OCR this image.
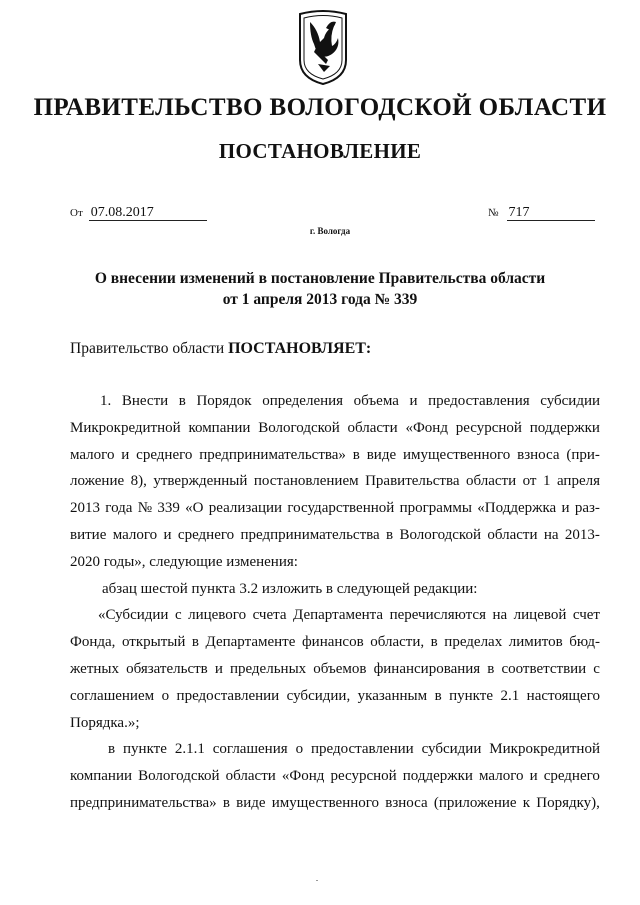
ПРАВИТЕЛЬСТВО ВОЛОГОДСКОЙ ОБЛАСТИ
ПОСТАНОВЛЕНИЕ
От 07.08.2017	№ 717
г. Вологда
О внесении изменений в постановление Правительства области
от 1 апреля 2013 года № 339
Правительство области ПОСТАНОВЛЯЕТ:
1. Внести в Порядок определения объема и предоставления субсидии
Микрокредитной компании Вологодской области «Фонд ресурсной поддержки
малого и среднего предпринимательства» в виде имущественного взноса (при-
ложение 8), утвержденный постановлением Правительства области от 1 апреля
2013 года № 339 «О реализации государственной программы «Поддержка и раз-
витие малого и среднего предпринимательства в Вологодской области на 2013-
2020 годы», следующие изменения:
абзац шестой пункта 3.2 изложить в следующей редакции:
«Субсидии с лицевого счета Департамента перечисляются на лицевой счет
Фонда, открытый в Департаменте финансов области, в пределах лимитов бюд-
жетных обязательств и предельных объемов финансирования в соответствии с
соглашением о предоставлении субсидии, указанным в пункте 2.1 настоящего
Порядка.»;
в пункте 2.1.1 соглашения о предоставлении субсидии Микрокредитной
компании Вологодской области «Фонд ресурсной поддержки малого и среднего
предпринимательства» в виде имущественного взноса (приложение к Порядку),
